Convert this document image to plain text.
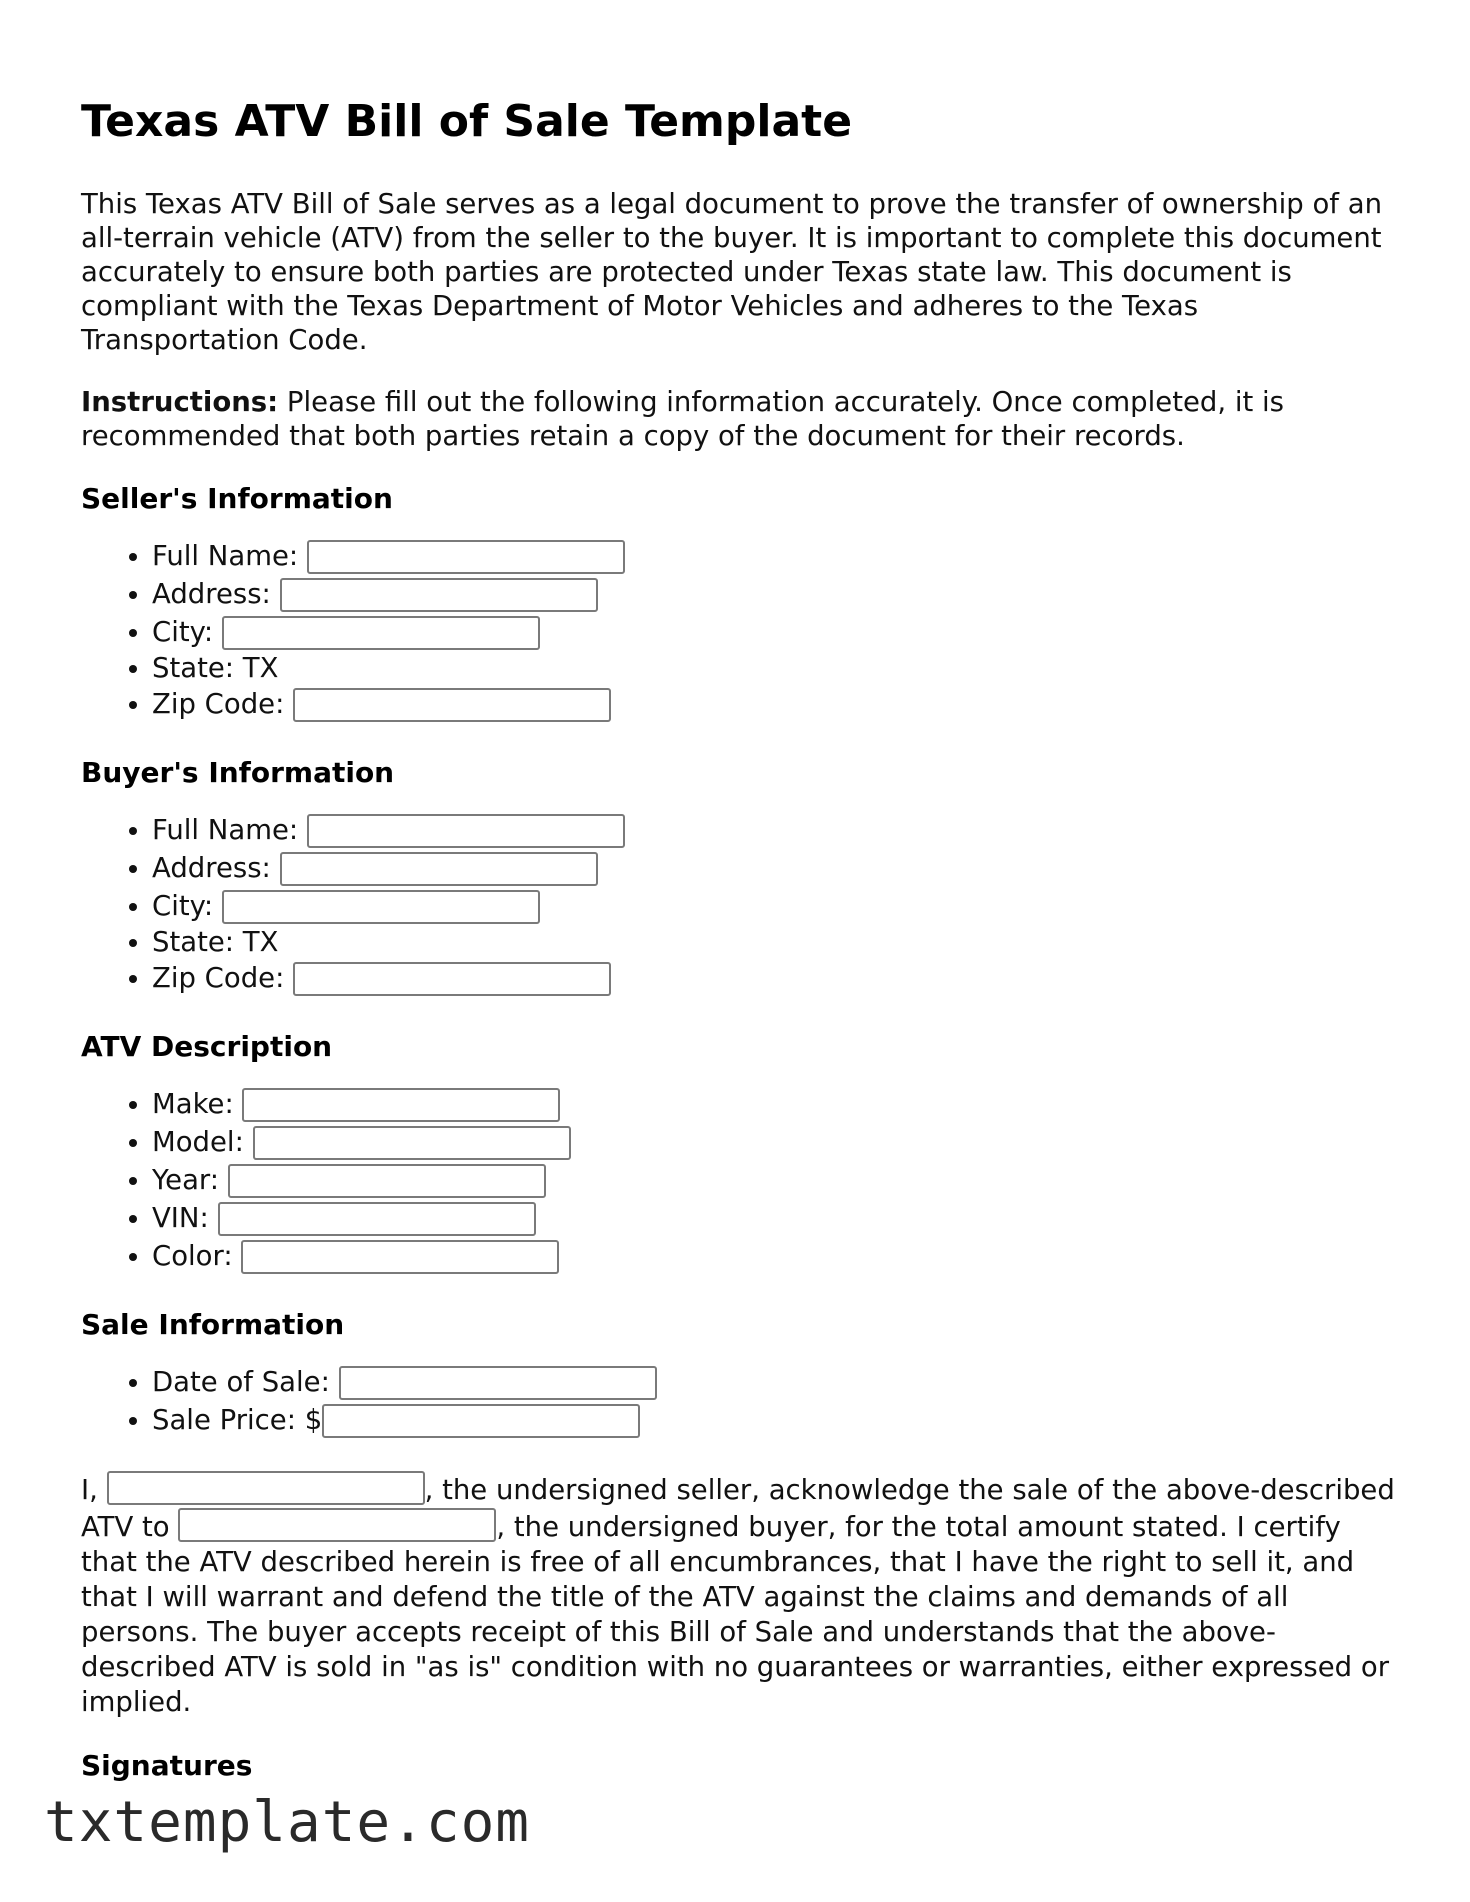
Texas ATV Bill of Sale Template

This Texas ATV Bill of Sale serves as a legal document to prove the transfer of ownership of an all-terrain vehicle (ATV) from the seller to the buyer. It is important to complete this document accurately to ensure both parties are protected under Texas state law. This document is compliant with the Texas Department of Motor Vehicles and adheres to the Texas Transportation Code.

Instructions: Please fill out the following information accurately. Once completed, it is recommended that both parties retain a copy of the document for their records.

Seller's Information
• Full Name:
• Address:
• City:
• State: TX
• Zip Code:
Buyer's Information
• Full Name:
• Address:
• City:
• State: TX
• Zip Code:
ATV Description
• Make:
• Model:
• Year:
• VIN:
• Color:
Sale Information
• Date of Sale:
• Sale Price: $

I,	, the undersigned seller, acknowledge the sale of the above-described ATV to	, the undersigned buyer, for the total amount stated. I certify that the ATV described herein is free of all encumbrances, that I have the right to sell it, and that I will warrant and defend the title of the ATV against the claims and demands of all persons. The buyer accepts receipt of this Bill of Sale and understands that the above-described ATV is sold in "as is" condition with no guarantees or warranties, either expressed or implied.

Signatures
txtemplate.com
